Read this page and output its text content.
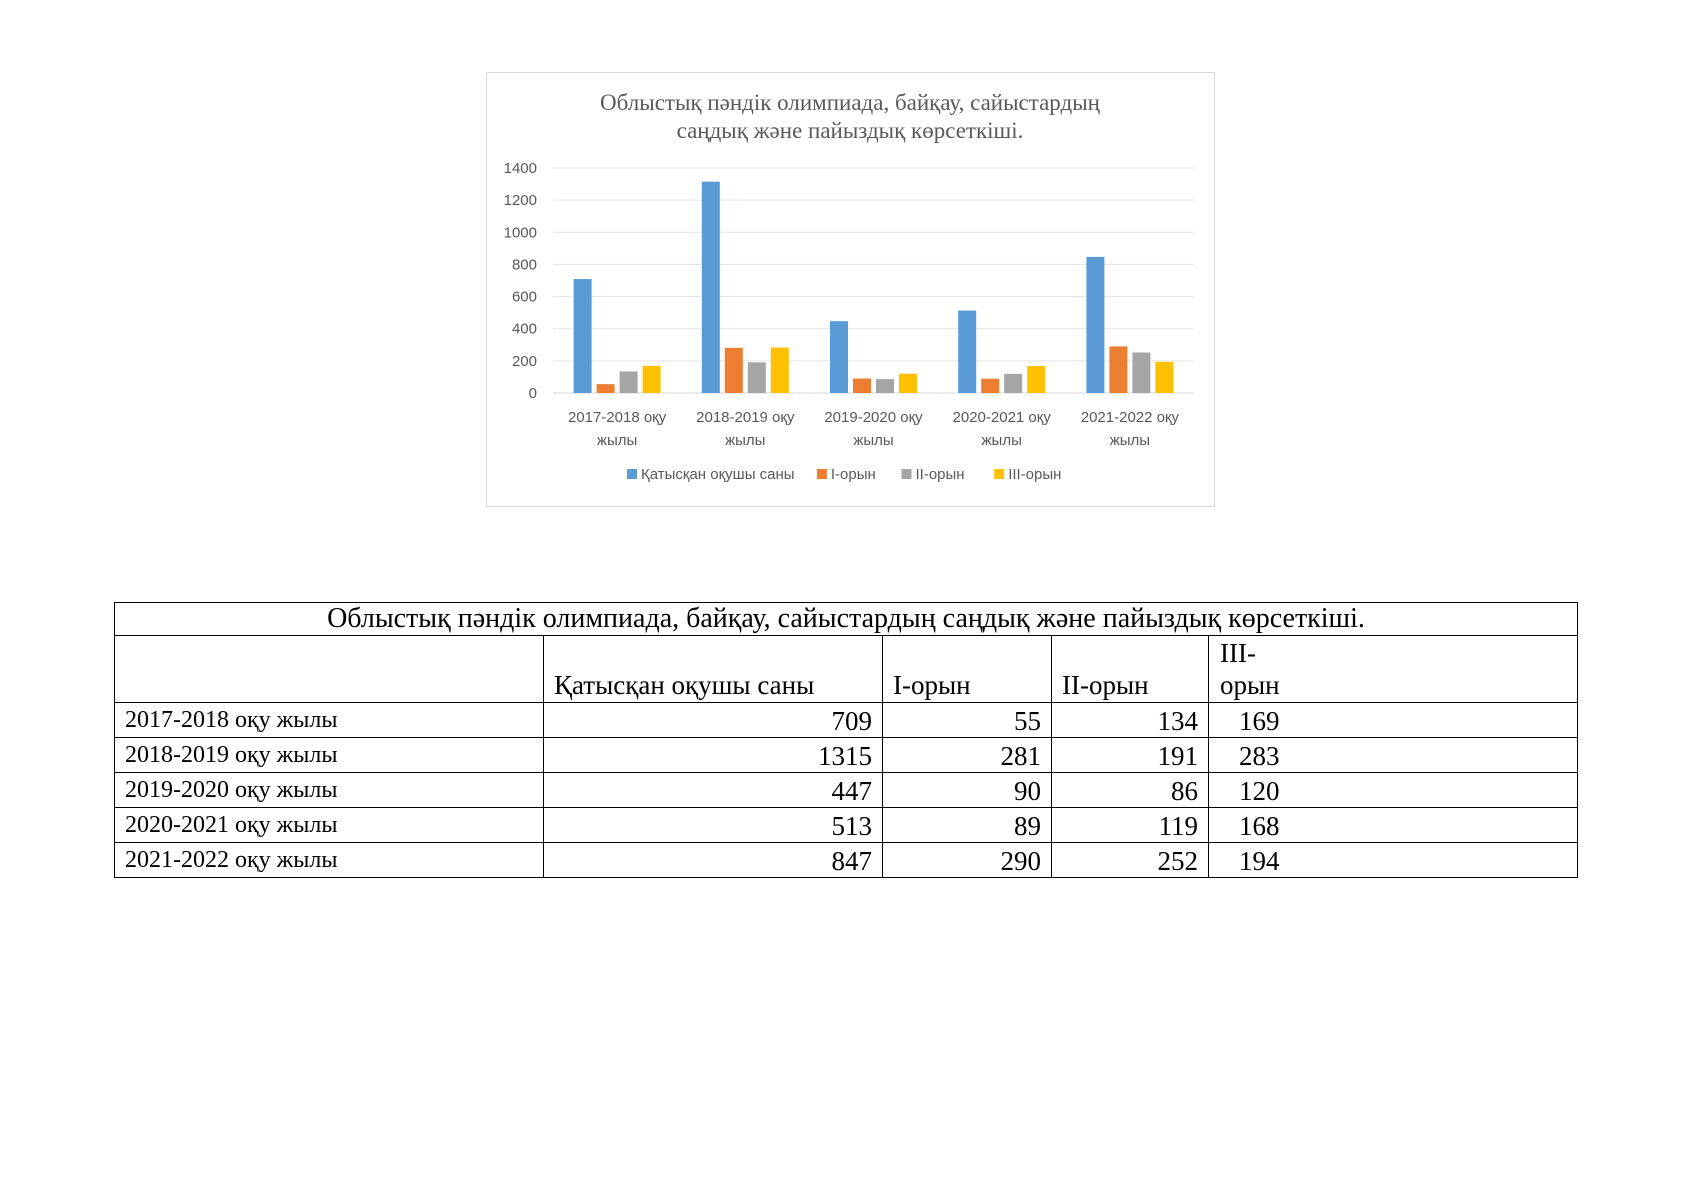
Облыстық пәндік олимпиада, байқау, сайыстардың
саңдық және пайыздық көрсеткіші.
1400
1200
1000
800
600
400
200
0
2017-2018 оқу
жылы
2018-2019 оқу
жылы
2019-2020 оқу
жылы
2020-2021 оқу
жылы
2021-2022 оқу
жылы
Қатысқан оқушы саны I-орын	II-орын	III-орын
Облыстық пәндік олимпиада, байқау, сайыстардың саңдық және пайыздық көрсеткіші.				
	Қатысқан оқушы саны	I-орын	II-орын	III-
орын
2017-2018 оқу жылы	709	55	134	169
2018-2019 оқу жылы	1315	281	191	283
2019-2020 оқу жылы	447	90	86	120
2020-2021 оқу жылы	513	89	119	168
2021-2022 оқу жылы	847	290	252	194
